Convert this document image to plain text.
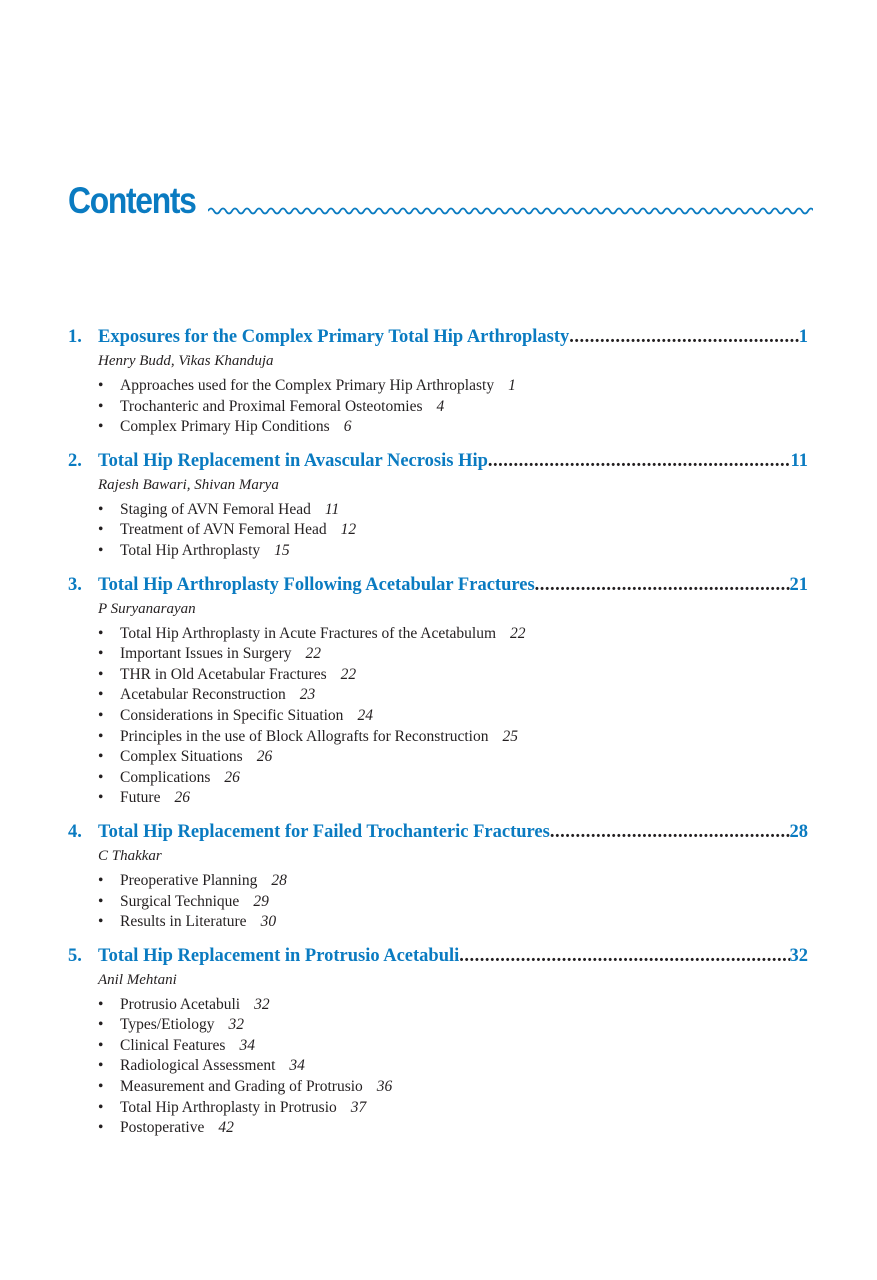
Contents
1. Exposures for the Complex Primary Total Hip Arthroplasty .....	1
Henry Budd, Vikas Khanduja
• Approaches used for the Complex Primary Hip Arthroplasty 1
• Trochanteric and Proximal Femoral Osteotomies 4
• Complex Primary Hip Conditions 6
2. Total Hip Replacement in Avascular Necrosis Hip .....	11
Rajesh Bawari, Shivan Marya
• Staging of AVN Femoral Head 11
• Treatment of AVN Femoral Head 12
• Total Hip Arthroplasty 15
3. Total Hip Arthroplasty Following Acetabular Fractures .....	21
P Suryanarayan
• Total Hip Arthroplasty in Acute Fractures of the Acetabulum 22
• Important Issues in Surgery 22
• THR in Old Acetabular Fractures 22
• Acetabular Reconstruction 23
• Considerations in Specific Situation 24
• Principles in the use of Block Allografts for Reconstruction 25
• Complex Situations 26
• Complications 26
• Future 26
4. Total Hip Replacement for Failed Trochanteric Fractures .....	28
C Thakkar
• Preoperative Planning 28
• Surgical Technique 29
• Results in Literature 30
5. Total Hip Replacement in Protrusio Acetabuli .....	32
Anil Mehtani
• Protrusio Acetabuli 32
• Types/Etiology 32
• Clinical Features 34
• Radiological Assessment 34
• Measurement and Grading of Protrusio 36
• Total Hip Arthroplasty in Protrusio 37
• Postoperative 42
